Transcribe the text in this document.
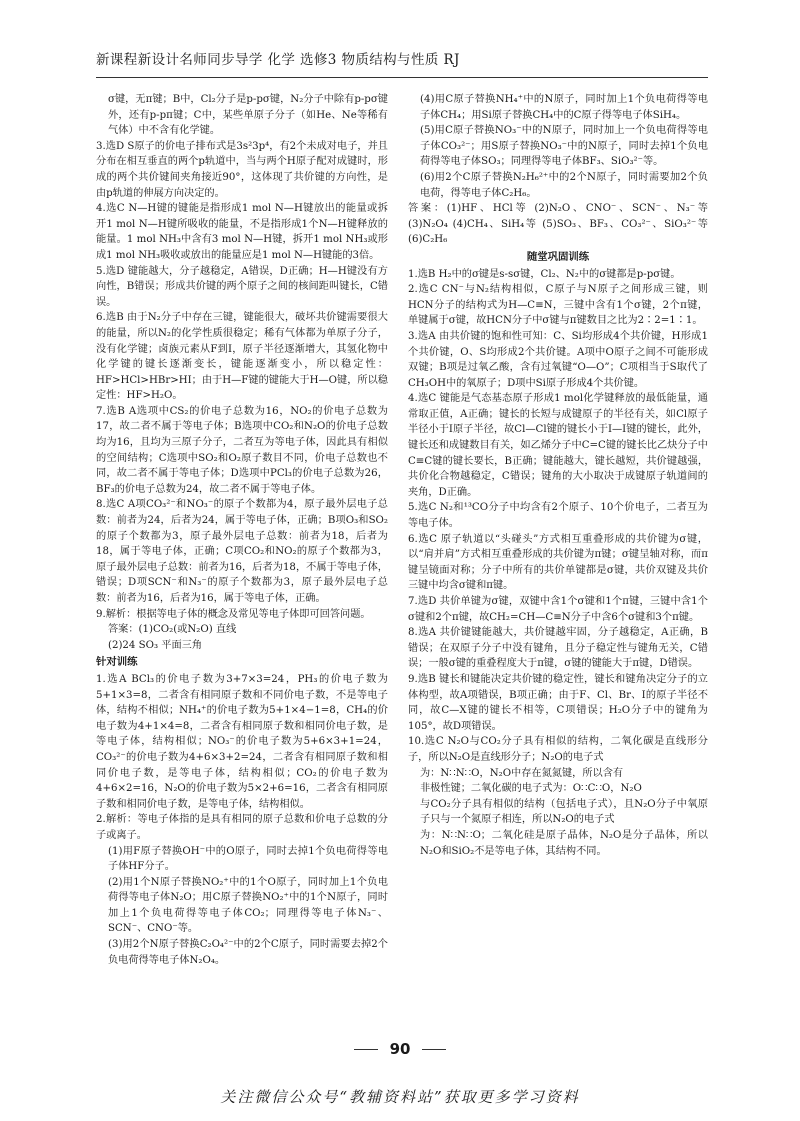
新课程新设计名师同步导学 化学 选修3 物质结构与性质 RJ

σ键，无π键；B中，Cl₂分子是p-pσ键，N₂分子中除有p-pσ键外，还有p-pπ键；C中，某些单原子分子（如He、Ne等稀有气体）中不含有化学键。

3.选D S原子的价电子排布式是3s²3p⁴，有2个未成对电子，并且分布在相互垂直的两个p轨道中，当与两个H原子配对成键时，形成的两个共价键间夹角接近90°，这体现了共价键的方向性，是由p轨道的伸展方向决定的。

4.选C N—H键的键能是指形成1 mol N—H键放出的能量或拆开1 mol N—H键所吸收的能量，不是指形成1个N—H键释放的能量。1 mol NH₃中含有3 mol N—H键，拆开1 mol NH₃或形成1 mol NH₃吸收或放出的能量应是1 mol N—H键能的3倍。

5.选D 键能越大，分子越稳定，A错误，D正确；H—H键没有方向性，B错误；形成共价键的两个原子之间的核间距叫键长，C错误。

6.选B 由于N₂分子中存在三键，键能很大，破坏共价键需要很大的能量，所以N₂的化学性质很稳定；稀有气体都为单原子分子，没有化学键；卤族元素从F到I，原子半径逐渐增大，其氢化物中化学键的键长逐渐变长，键能逐渐变小，所以稳定性：HF>HCl>HBr>HI；由于H—F键的键能大于H—O键，所以稳定性：HF>H₂O。

7.选B A选项中CS₂的价电子总数为16，NO₂的价电子总数为17，故二者不属于等电子体；B选项中CO₂和N₂O的价电子总数均为16，且均为三原子分子，二者互为等电子体，因此具有相似的空间结构；C选项中SO₂和O₂原子数目不同，价电子总数也不同，故二者不属于等电子体；D选项中PCl₃的价电子总数为26，BF₃的价电子总数为24，故二者不属于等电子体。

8.选C A项CO₃²⁻和NO₃⁻的原子个数都为4，原子最外层电子总数：前者为24，后者为24，属于等电子体，正确；B项O₃和SO₂的原子个数都为3，原子最外层电子总数：前者为18，后者为18，属于等电子体，正确；C项CO₂和NO₂的原子个数都为3，原子最外层电子总数：前者为16，后者为18，不属于等电子体，错误；D项SCN⁻和N₃⁻的原子个数都为3，原子最外层电子总数：前者为16，后者为16，属于等电子体，正确。

9.解析：根据等电子体的概念及常见等电子体即可回答问题。

答案：(1)CO₂(或N₂O) 直线

(2)24 SO₃ 平面三角

针对训练

1.选A BCl₃的价电子数为3+7×3=24，PH₃的价电子数为5+1×3=8，二者含有相同原子数和不同价电子数，不是等电子体，结构不相似；NH₄⁺的价电子数为5+1×4−1=8，CH₄的价电子数为4+1×4=8，二者含有相同原子数和相同价电子数，是等电子体，结构相似；NO₃⁻的价电子数为5+6×3+1=24，CO₃²⁻的价电子数为4+6×3+2=24，二者含有相同原子数和相同价电子数，是等电子体，结构相似；CO₂的价电子数为4+6×2=16，N₂O的价电子数为5×2+6=16，二者含有相同原子数和相同价电子数，是等电子体，结构相似。

2.解析：等电子体指的是具有相同的原子总数和价电子总数的分子或离子。

(1)用F原子替换OH⁻中的O原子，同时去掉1个负电荷得等电子体HF分子。

(2)用1个N原子替换NO₂⁺中的1个O原子，同时加上1个负电荷得等电子体N₂O；用C原子替换NO₂⁺中的1个N原子，同时加上1个负电荷得等电子体CO₂；同理得等电子体N₃⁻、SCN⁻、CNO⁻等。

(3)用2个N原子替换C₂O₄²⁻中的2个C原子，同时需要去掉2个负电荷得等电子体N₂O₄。

(4)用C原子替换NH₄⁺中的N原子，同时加上1个负电荷得等电子体CH₄；用Si原子替换CH₄中的C原子得等电子体SiH₄。

(5)用C原子替换NO₃⁻中的N原子，同时加上一个负电荷得等电子体CO₃²⁻；用S原子替换NO₃⁻中的N原子，同时去掉1个负电荷得等电子体SO₃；同理得等电子体BF₃、SiO₃²⁻等。

(6)用2个C原子替换N₂H₆²⁺中的2个N原子，同时需要加2个负电荷，得等电子体C₂H₆。

答案：(1)HF、HCl等 (2)N₂O、CNO⁻、SCN⁻、N₃⁻等 (3)N₂O₄ (4)CH₄、SiH₄等 (5)SO₃、BF₃、CO₃²⁻、SiO₃²⁻等 (6)C₂H₆

随堂巩固训练

1.选B H₂中的σ键是s-sσ键，Cl₂、N₂中的σ键都是p-pσ键。

2.选C CN⁻与N₂结构相似，C原子与N原子之间形成三键，则HCN分子的结构式为H—C≡N，三键中含有1个σ键，2个π键，单键属于σ键，故HCN分子中σ键与π键数目之比为2∶2=1∶1。

3.选A 由共价键的饱和性可知：C、Si均形成4个共价键，H形成1个共价键，O、S均形成2个共价键。A项中O原子之间不可能形成双键；B项是过氧乙酸，含有过氧键“O—O”；C项相当于S取代了CH₃OH中的氧原子；D项中Si原子形成4个共价键。

4.选C 键能是气态基态原子形成1 mol化学键释放的最低能量，通常取正值，A正确；键长的长短与成键原子的半径有关，如Cl原子半径小于I原子半径，故Cl—Cl键的键长小于I—I键的键长，此外，键长还和成键数目有关，如乙烯分子中C=C键的键长比乙炔分子中C≡C键的键长要长，B正确；键能越大，键长越短，共价键越强，共价化合物越稳定，C错误；键角的大小取决于成键原子轨道间的夹角，D正确。

5.选C N₂和¹³CO分子中均含有2个原子、10个价电子，二者互为等电子体。

6.选C 原子轨道以“头碰头”方式相互重叠形成的共价键为σ键，以“肩并肩”方式相互重叠形成的共价键为π键；σ键呈轴对称，而π键呈镜面对称；分子中所有的共价单键都是σ键，共价双键及共价三键中均含σ键和π键。

7.选D 共价单键为σ键，双键中含1个σ键和1个π键，三键中含1个σ键和2个π键，故CH₂=CH—C≡N分子中含6个σ键和3个π键。

8.选A 共价键键能越大，共价键越牢固，分子越稳定，A正确，B错误；在双原子分子中没有键角，且分子稳定性与键角无关，C错误；一般σ键的重叠程度大于π键，σ键的键能大于π键，D错误。

9.选B 键长和键能决定共价键的稳定性，键长和键角决定分子的立体构型，故A项错误，B项正确；由于F、Cl、Br、I的原子半径不同，故C—X键的键长不相等，C项错误；H₂O分子中的键角为105°，故D项错误。

10.选C N₂O与CO₂分子具有相似的结构，二氧化碳是直线形分子，所以N₂O是直线形分子；N₂O的电子式

为：N∷N∷O，N₂O中存在氮氮键，所以含有

非极性键；二氧化碳的电子式为：O∷C∷O，N₂O

与CO₂分子具有相似的结构（包括电子式），且N₂O分子中氧原子只与一个氮原子相连，所以N₂O的电子式

为：N∷N∷O；二氧化硅是原子晶体，N₂O是分子晶体，所以N₂O和SiO₂不是等电子体，其结构不同。

90
关注微信公众号“教辅资料站”获取更多学习资料
